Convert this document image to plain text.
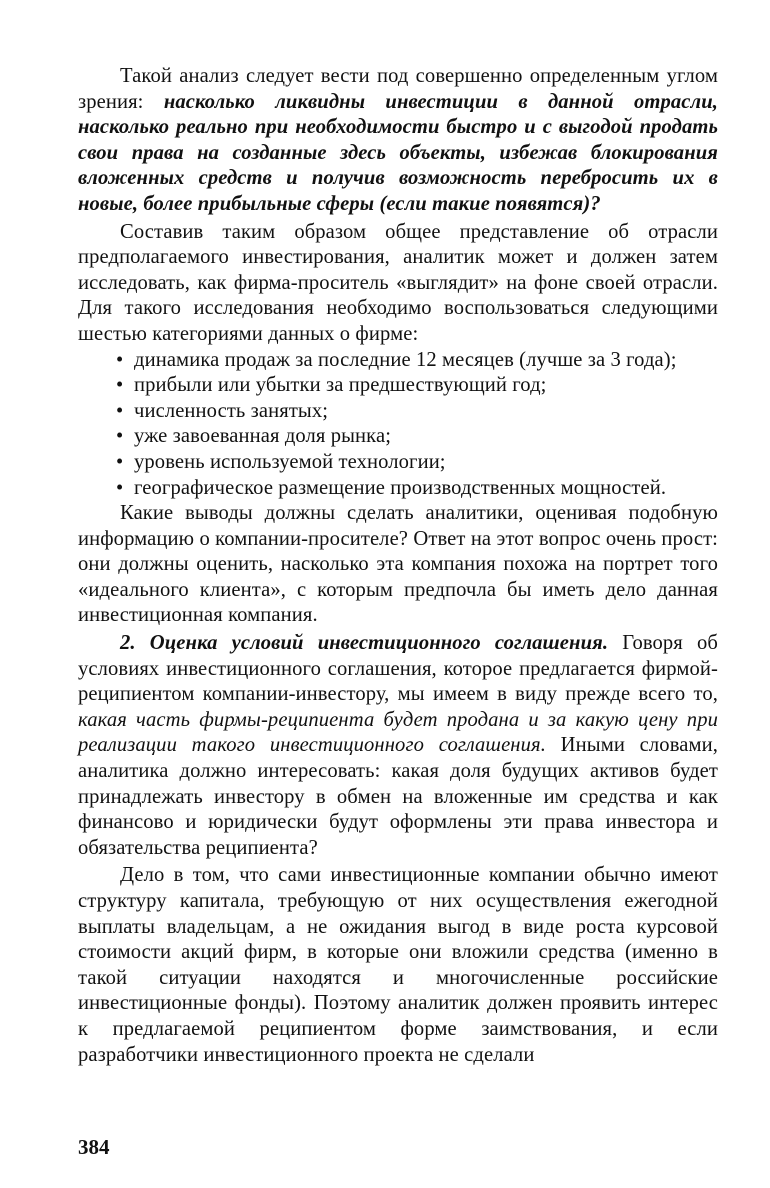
Такой анализ следует вести под совершенно определенным углом зрения: насколько ликвидны инвестиции в данной отрасли, насколько реально при необходимости быстро и с выгодой продать свои права на созданные здесь объекты, избежав блокирования вложенных средств и получив возможность перебросить их в новые, более прибыльные сферы (если такие появятся)?

Составив таким образом общее представление об отрасли предполагаемого инвестирования, аналитик может и должен затем исследовать, как фирма-проситель «выглядит» на фоне своей отрасли. Для такого исследования необходимо воспользоваться следующими шестью категориями данных о фирме:

• динамика продаж за последние 12 месяцев (лучше за 3 года);
• прибыли или убытки за предшествующий год;
• численность занятых;
• уже завоеванная доля рынка;
• уровень используемой технологии;
• географическое размещение производственных мощностей.

Какие выводы должны сделать аналитики, оценивая подобную информацию о компании-просителе? Ответ на этот вопрос очень прост: они должны оценить, насколько эта компания похожа на портрет того «идеального клиента», с которым предпочла бы иметь дело данная инвестиционная компания.

2. Оценка условий инвестиционного соглашения. Говоря об условиях инвестиционного соглашения, которое предлагается фирмой-реципиентом компании-инвестору, мы имеем в виду прежде всего то, какая часть фирмы-реципиента будет продана и за какую цену при реализации такого инвестиционного соглашения. Иными словами, аналитика должно интересовать: какая доля будущих активов будет принадлежать инвестору в обмен на вложенные им средства и как финансово и юридически будут оформлены эти права инвестора и обязательства реципиента?

Дело в том, что сами инвестиционные компании обычно имеют структуру капитала, требующую от них осуществления ежегодной выплаты владельцам, а не ожидания выгод в виде роста курсовой стоимости акций фирм, в которые они вложили средства (именно в такой ситуации находятся и многочисленные российские инвестиционные фонды). Поэтому аналитик должен проявить интерес к предлагаемой реципиентом форме заимствования, и если разработчики инвестиционного проекта не сделали

384
